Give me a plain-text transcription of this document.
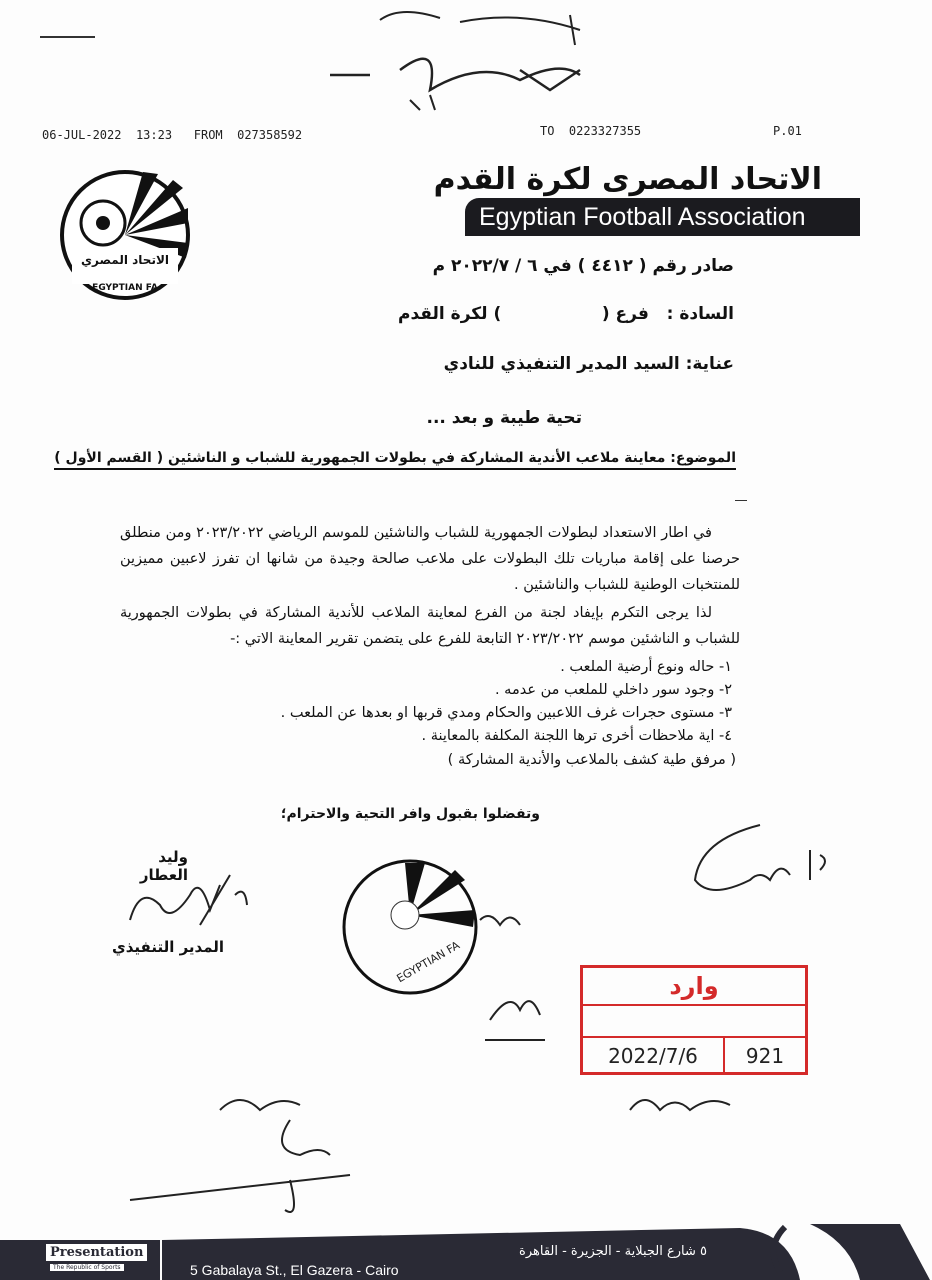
06-JUL-2022 13:23 FROM 027358592	TO 0223327355	P.01
الاتحاد المصري
EGYPTIAN FA
الاتحاد المصرى لكرة القدم
Egyptian Football Association
صادر رقم ( ٤٤١٢ ) في ٦ / ٢٠٢٢/٧ م
السادة :   فرع (                 ) لكرة القدم
عناية: السيد المدير التنفيذي للنادي
تحية طيبة و بعد ...
الموضوع: معاينة ملاعب الأندية المشاركة في بطولات الجمهورية للشباب و الناشئين ( القسم الأول )
في اطار الاستعداد لبطولات الجمهورية للشباب والناشئين للموسم الرياضي ٢٠٢٣/٢٠٢٢ ومن منطلق حرصنا على إقامة مباريات تلك البطولات على ملاعب صالحة وجيدة من شانها ان تفرز لاعبين مميزين للمنتخبات الوطنية للشباب والناشئين .
لذا يرجى التكرم بإيفاد لجنة من الفرع لمعاينة الملاعب للأندية المشاركة في بطولات الجمهورية للشباب و الناشئين موسم ٢٠٢٣/٢٠٢٢ التابعة للفرع على يتضمن تقرير المعاينة الاتي :-
١- حاله ونوع أرضية الملعب .
٢- وجود سور داخلي للملعب من عدمه .
٣- مستوى حجرات غرف اللاعبين والحكام ومدي قربها او بعدها عن الملعب .
٤- اية ملاحظات أخرى ترها اللجنة المكلفة بالمعاينة .
( مرفق طية كشف بالملاعب والأندية المشاركة )
وتفضلوا بقبول وافر التحية والاحترام؛
وليد العطار
المدير التنفيذي	EGYPTIAN FA
وارد
2022/7/6	921
Presentation
The Republic of Sports	5 Gabalaya St., El Gazera - Cairo
٥ شارع الجبلاية - الجزيرة - القاهرة
